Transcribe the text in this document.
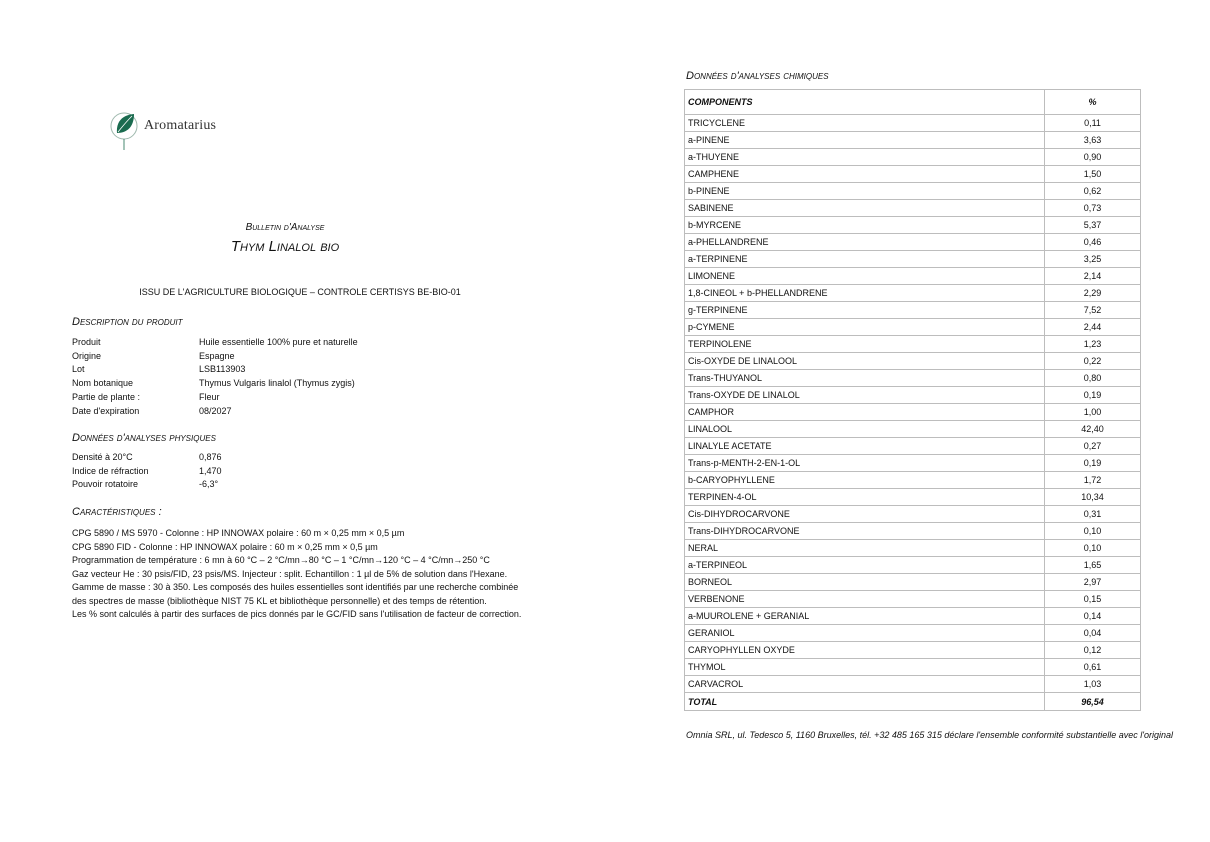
Aromatarius
Bulletin d'Analyse
Thym Linalol bio
ISSU DE L'AGRICULTURE BIOLOGIQUE – CONTROLE CERTISYS BE-BIO-01
Description du produit
Produit	Huile essentielle 100% pure et naturelle
Origine	Espagne
Lot	LSB113903
Nom botanique	Thymus Vulgaris linalol (Thymus zygis)
Partie de plante :	Fleur
Date d'expiration	08/2027
Données d'analyses physiques
Densité à 20°C	0,876
Indice de réfraction	1,470
Pouvoir rotatoire	-6,3°
Caractéristiques :

CPG 5890 / MS 5970 - Colonne : HP INNOWAX polaire : 60 m × 0,25 mm × 0,5 µm

CPG 5890 FID - Colonne : HP INNOWAX polaire : 60 m × 0,25 mm × 0,5 µm

Programmation de température : 6 mn à 60 °C – 2 °C/mn→80 °C – 1 °C/mn→120 °C – 4 °C/mn→250 °C

Gaz vecteur He : 30 psis/FID, 23 psis/MS. Injecteur : split. Echantillon : 1 µl de 5% de solution dans l'Hexane.

Gamme de masse : 30 à 350. Les composés des huiles essentielles sont identifiés par une recherche combinée des spectres de masse (bibliothèque NIST 75 KL et bibliothèque personnelle) et des temps de rétention.

Les % sont calculés à partir des surfaces de pics donnés par le GC/FID sans l'utilisation de facteur de correction.

Données d'analyses chimiques
COMPONENTS	%
TRICYCLENE	0,11
a-PINENE	3,63
a-THUYENE	0,90
CAMPHENE	1,50
b-PINENE	0,62
SABINENE	0,73
b-MYRCENE	5,37
a-PHELLANDRENE	0,46
a-TERPINENE	3,25
LIMONENE	2,14
1,8-CINEOL + b-PHELLANDRENE	2,29
g-TERPINENE	7,52
p-CYMENE	2,44
TERPINOLENE	1,23
Cis-OXYDE DE LINALOOL	0,22
Trans-THUYANOL	0,80
Trans-OXYDE DE LINALOL	0,19
CAMPHOR	1,00
LINALOOL	42,40
LINALYLE ACETATE	0,27
Trans-p-MENTH-2-EN-1-OL	0,19
b-CARYOPHYLLENE	1,72
TERPINEN-4-OL	10,34
Cis-DIHYDROCARVONE	0,31
Trans-DIHYDROCARVONE	0,10
NERAL	0,10
a-TERPINEOL	1,65
BORNEOL	2,97
VERBENONE	0,15
a-MUUROLENE + GERANIAL	0,14
GERANIOL	0,04
CARYOPHYLLEN OXYDE	0,12
THYMOL	0,61
CARVACROL	1,03
TOTAL	96,54
Omnia SRL, ul. Tedesco 5, 1160 Bruxelles, tél. +32 485 165 315 déclare l'ensemble conformité substantielle avec l'original
